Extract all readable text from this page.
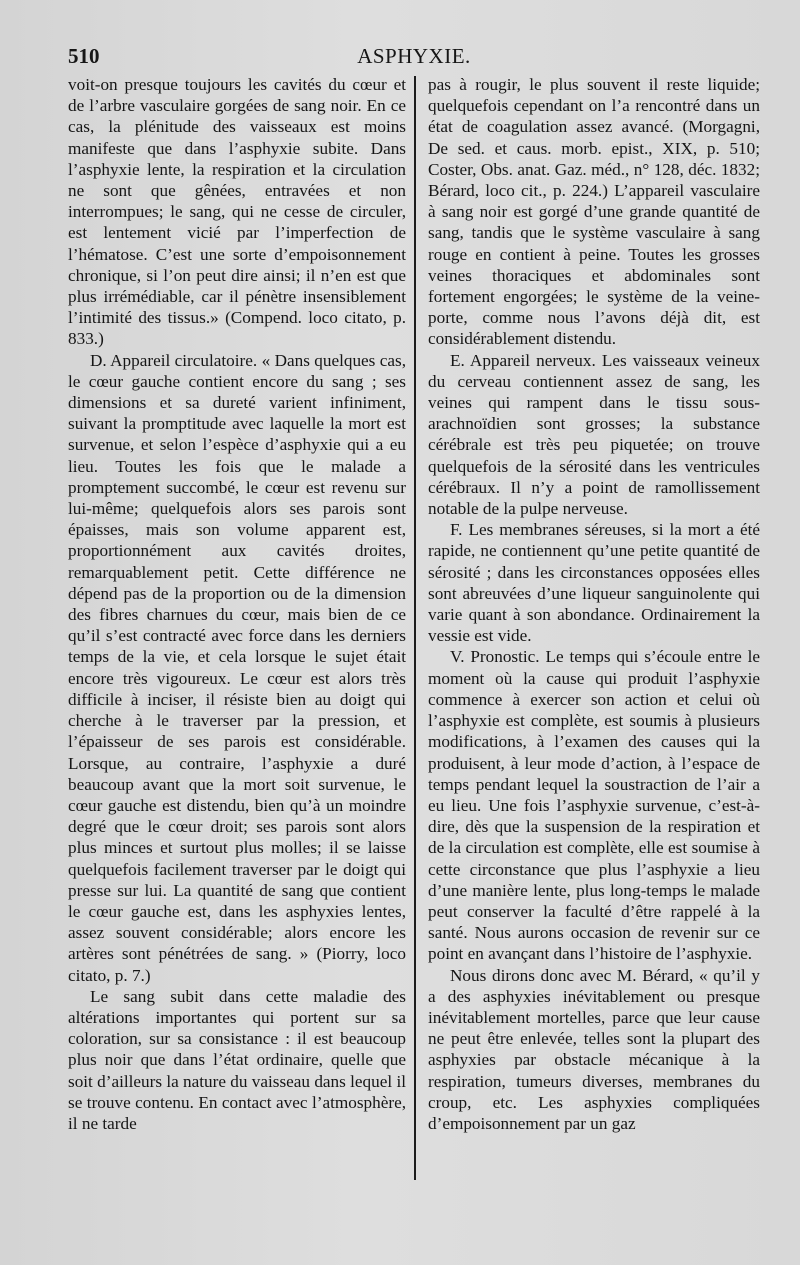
510	ASPHYXIE.

voit-on presque toujours les cavités du cœur et de l’arbre vasculaire gorgées de sang noir. En ce cas, la plénitude des vaisseaux est moins manifeste que dans l’asphyxie subite. Dans l’asphyxie lente, la respiration et la circulation ne sont que gênées, entravées et non interrompues; le sang, qui ne cesse de circuler, est lentement vicié par l’imperfection de l’hématose. C’est une sorte d’empoisonnement chronique, si l’on peut dire ainsi; il n’en est que plus irrémédiable, car il pénètre insensiblement l’intimité des tissus.» (Compend. loco citato, p. 833.)

D. Appareil circulatoire. « Dans quelques cas, le cœur gauche contient encore du sang ; ses dimensions et sa dureté varient infiniment, suivant la promptitude avec laquelle la mort est survenue, et selon l’espèce d’asphyxie qui a eu lieu. Toutes les fois que le malade a promptement succombé, le cœur est revenu sur lui-même; quelquefois alors ses parois sont épaisses, mais son volume apparent est, proportionnément aux cavités droites, remarquablement petit. Cette différence ne dépend pas de la proportion ou de la dimension des fibres charnues du cœur, mais bien de ce qu’il s’est contracté avec force dans les derniers temps de la vie, et cela lorsque le sujet était encore très vigoureux. Le cœur est alors très difficile à inciser, il résiste bien au doigt qui cherche à le traverser par la pression, et l’épaisseur de ses parois est considérable. Lorsque, au contraire, l’asphyxie a duré beaucoup avant que la mort soit survenue, le cœur gauche est distendu, bien qu’à un moindre degré que le cœur droit; ses parois sont alors plus minces et surtout plus molles; il se laisse quelquefois facilement traverser par le doigt qui presse sur lui. La quantité de sang que contient le cœur gauche est, dans les asphyxies lentes, assez souvent considérable; alors encore les artères sont pénétrées de sang. » (Piorry, loco citato, p. 7.)

Le sang subit dans cette maladie des altérations importantes qui portent sur sa coloration, sur sa consistance : il est beaucoup plus noir que dans l’état ordinaire, quelle que soit d’ailleurs la nature du vaisseau dans lequel il se trouve contenu. En contact avec l’atmosphère, il ne tarde

pas à rougir, le plus souvent il reste liquide; quelquefois cependant on l’a rencontré dans un état de coagulation assez avancé. (Morgagni, De sed. et caus. morb. epist., XIX, p. 510; Coster, Obs. anat. Gaz. méd., n° 128, déc. 1832; Bérard, loco cit., p. 224.) L’appareil vasculaire à sang noir est gorgé d’une grande quantité de sang, tandis que le système vasculaire à sang rouge en contient à peine. Toutes les grosses veines thoraciques et abdominales sont fortement engorgées; le système de la veine-porte, comme nous l’avons déjà dit, est considérablement distendu.

E. Appareil nerveux. Les vaisseaux veineux du cerveau contiennent assez de sang, les veines qui rampent dans le tissu sous-arachnoïdien sont grosses; la substance cérébrale est très peu piquetée; on trouve quelquefois de la sérosité dans les ventricules cérébraux. Il n’y a point de ramollissement notable de la pulpe nerveuse.

F. Les membranes séreuses, si la mort a été rapide, ne contiennent qu’une petite quantité de sérosité ; dans les circonstances opposées elles sont abreuvées d’une liqueur sanguinolente qui varie quant à son abondance. Ordinairement la vessie est vide.

V. Pronostic. Le temps qui s’écoule entre le moment où la cause qui produit l’asphyxie commence à exercer son action et celui où l’asphyxie est complète, est soumis à plusieurs modifications, à l’examen des causes qui la produisent, à leur mode d’action, à l’espace de temps pendant lequel la soustraction de l’air a eu lieu. Une fois l’asphyxie survenue, c’est-à-dire, dès que la suspension de la respiration et de la circulation est complète, elle est soumise à cette circonstance que plus l’asphyxie a lieu d’une manière lente, plus long-temps le malade peut conserver la faculté d’être rappelé à la santé. Nous aurons occasion de revenir sur ce point en avançant dans l’histoire de l’asphyxie.

Nous dirons donc avec M. Bérard, « qu’il y a des asphyxies inévitablement ou presque inévitablement mortelles, parce que leur cause ne peut être enlevée, telles sont la plupart des asphyxies par obstacle mécanique à la respiration, tumeurs diverses, membranes du croup, etc. Les asphyxies compliquées d’empoisonnement par un gaz
